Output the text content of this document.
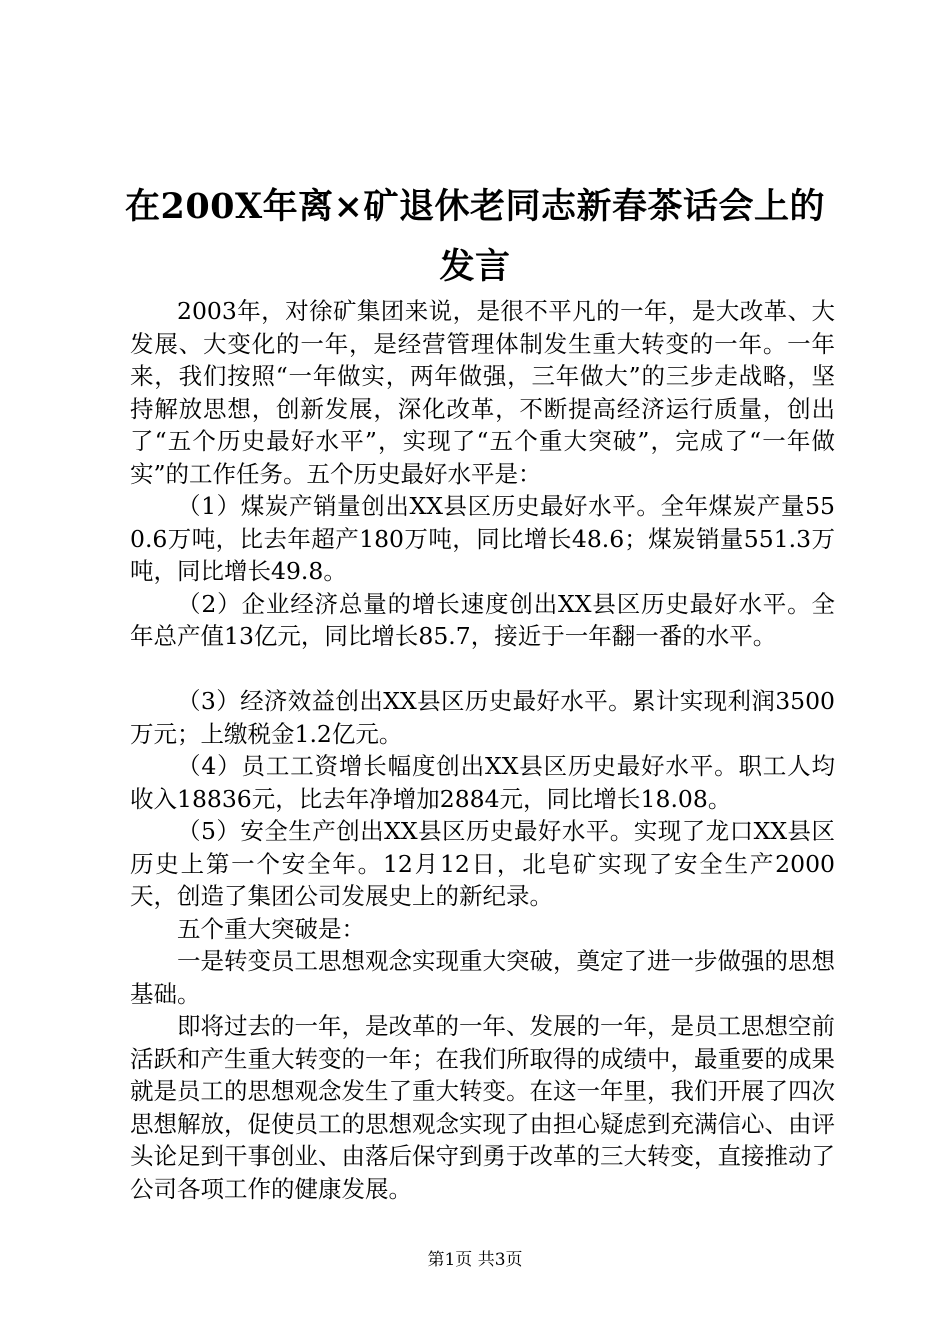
在200X年离×矿退休老同志新春茶话会上的
发言

2003年，对徐矿集团来说，是很不平凡的一年，是大改革、大发展、大变化的一年，是经营管理体制发生重大转变的一年。一年来，我们按照“一年做实，两年做强，三年做大”的三步走战略，坚持解放思想，创新发展，深化改革，不断提高经济运行质量，创出了“五个历史最好水平”，实现了“五个重大突破”，完成了“一年做实”的工作任务。五个历史最好水平是：

（1）煤炭产销量创出XX县区历史最好水平。全年煤炭产量550.6万吨，比去年超产180万吨，同比增长48.6；煤炭销量551.3万吨，同比增长49.8。

（2）企业经济总量的增长速度创出XX县区历史最好水平。全年总产值13亿元，同比增长85.7，接近于一年翻一番的水平。

（3）经济效益创出XX县区历史最好水平。累计实现利润3500万元；上缴税金1.2亿元。

（4）员工工资增长幅度创出XX县区历史最好水平。职工人均收入18836元，比去年净增加2884元，同比增长18.08。

（5）安全生产创出XX县区历史最好水平。实现了龙口XX县区历史上第一个安全年。12月12日，北皂矿实现了安全生产2000天，创造了集团公司发展史上的新纪录。

五个重大突破是：

一是转变员工思想观念实现重大突破，奠定了进一步做强的思想基础。

即将过去的一年，是改革的一年、发展的一年，是员工思想空前活跃和产生重大转变的一年；在我们所取得的成绩中，最重要的成果就是员工的思想观念发生了重大转变。在这一年里，我们开展了四次思想解放，促使员工的思想观念实现了由担心疑虑到充满信心、由评头论足到干事创业、由落后保守到勇于改革的三大转变，直接推动了公司各项工作的健康发展。

第1页 共3页
